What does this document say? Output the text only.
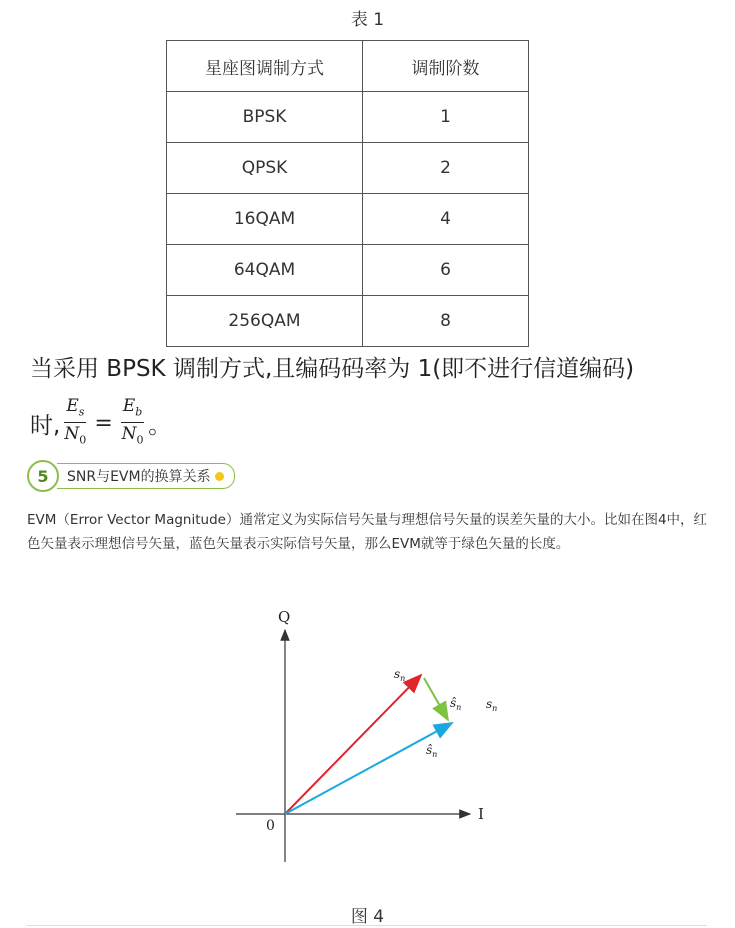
表 1
星座图调制方式	调制阶数
BPSK	1
QPSK	2
16QAM	4
64QAM	6
256QAM	8
当采用 BPSK 调制方式,且编码码率为 1(即不进行信道编码)
时, $\frac{E_s}{N_0} = \frac{E_b}{N_0}$ 。
5	SNR与EVM的换算关系
EVM（Error Vector Magnitude）通常定义为实际信号矢量与理想信号矢量的误差矢量的大小。比如在图4中，红色矢量表示理想信号矢量，蓝色矢量表示实际信号矢量，那么EVM就等于绿色矢量的长度。
Q
I
0
$s_n$
$ŝ_n$ $s_n$
$ŝ_n$
图 4
